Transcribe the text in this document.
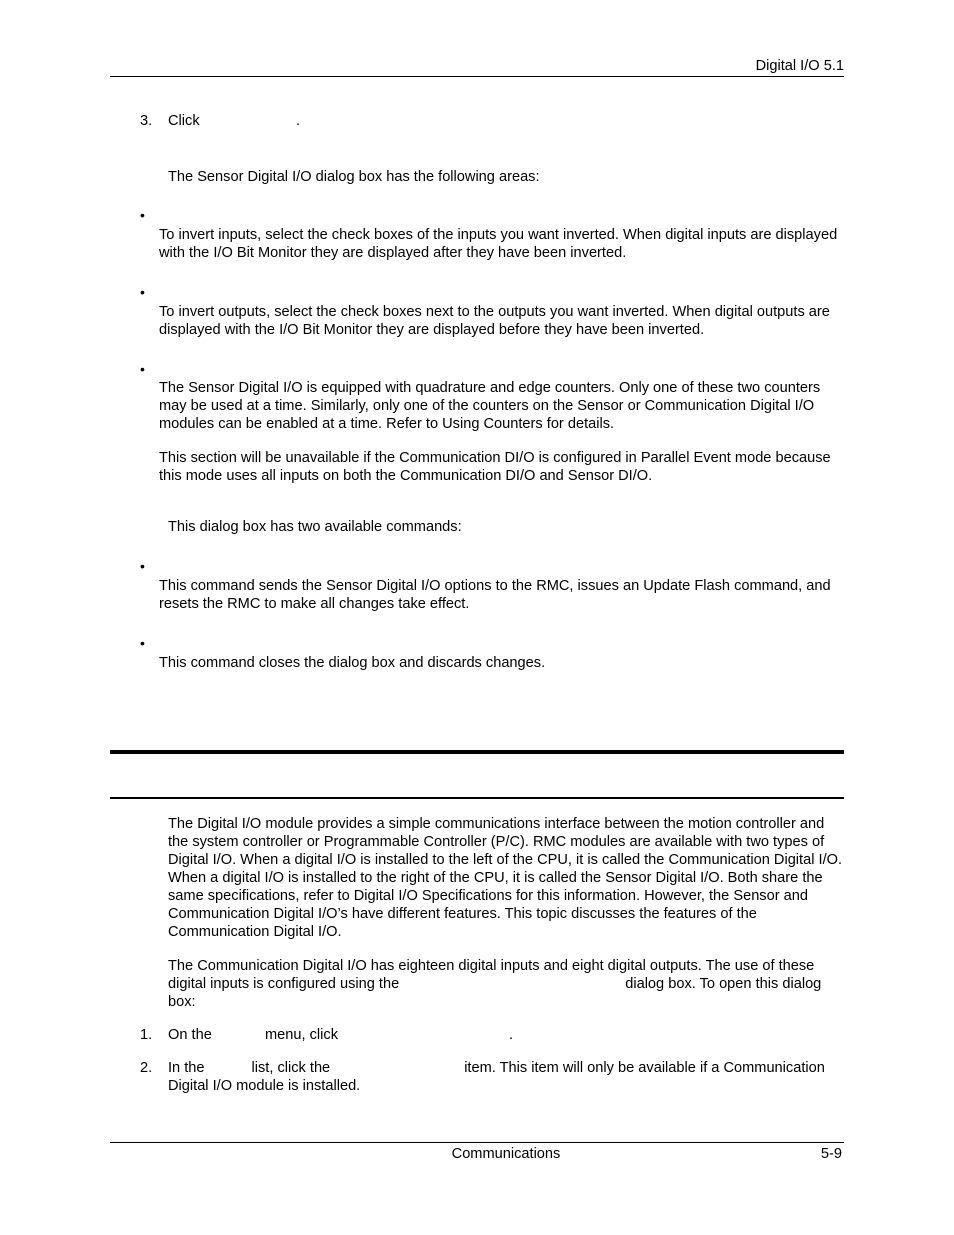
Digital I/O 5.1
3. Click	.
The Sensor Digital I/O dialog box has the following areas:
•
To invert inputs, select the check boxes of the inputs you want inverted. When digital inputs are displayed with the I/O Bit Monitor they are displayed after they have been inverted.
•
To invert outputs, select the check boxes next to the outputs you want inverted. When digital outputs are displayed with the I/O Bit Monitor they are displayed before they have been inverted.
•
The Sensor Digital I/O is equipped with quadrature and edge counters. Only one of these two counters may be used at a time. Similarly, only one of the counters on the Sensor or Communication Digital I/O modules can be enabled at a time. Refer to Using Counters for details.
This section will be unavailable if the Communication DI/O is configured in Parallel Event mode because this mode uses all inputs on both the Communication DI/O and Sensor DI/O.
This dialog box has two available commands:
•
This command sends the Sensor Digital I/O options to the RMC, issues an Update Flash command, and resets the RMC to make all changes take effect.
•
This command closes the dialog box and discards changes.
The Digital I/O module provides a simple communications interface between the motion controller and the system controller or Programmable Controller (P/C). RMC modules are available with two types of Digital I/O. When a digital I/O is installed to the left of the CPU, it is called the Communication Digital I/O. When a digital I/O is installed to the right of the CPU, it is called the Sensor Digital I/O. Both share the same specifications, refer to Digital I/O Specifications for this information. However, the Sensor and Communication Digital I/O’s have different features. This topic discusses the features of the Communication Digital I/O.
The Communication Digital I/O has eighteen digital inputs and eight digital outputs. The use of these digital inputs is configured using the	dialog box. To open this dialog box:
1. On the	menu, click	.
2. In the	list, click the	item. This item will only be available if a Communication Digital I/O module is installed.
Communications	5-9
